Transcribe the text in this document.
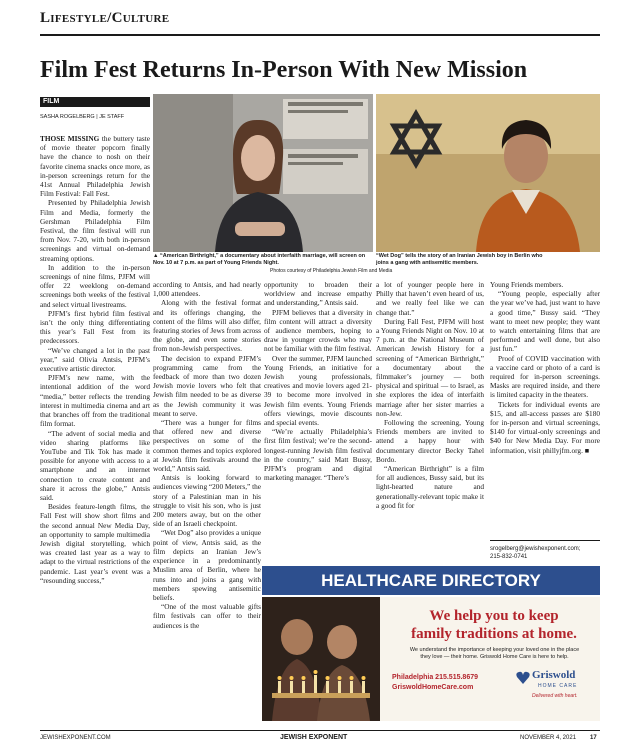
Lifestyle/Culture
Film Fest Returns In-Person With New Mission
FILM
SASHA ROGELBERG | JE STAFF

THOSE MISSING the buttery taste of movie theater popcorn finally have the chance to nosh on their favorite cinema snacks once more, as in-person screenings return for the 41st Annual Philadelphia Jewish Film Festival: Fall Fest.

Presented by Philadelphia Jewish Film and Media, formerly the Gershman Philadelphia Film Festival, the film festival will run from Nov. 7-20, with both in-person screenings and virtual on-demand streaming options.

In addition to the in-person screenings of nine films, PJFM will offer 22 weeklong on-demand screenings both weeks of the festival and select virtual livestreams.

PJFM’s first hybrid film festival isn’t the only thing differentiating this year’s Fall Fest from its predecessors.

“We’ve changed a lot in the past year,” said Olivia Antsis, PJFM’s executive artistic director.

PJFM’s new name, with the intentional addition of the word “media,” better reflects the trending interest in multimedia cinema and art that branches off from the traditional film format.

“The advent of social media and video sharing platforms like YouTube and Tik Tok has made it possible for anyone with access to a smartphone and an internet connection to create content and share it across the globe,” Antsis said.

Besides feature-length films, the Fall Fest will show short films and the second annual New Media Day, an opportunity to sample multimedia Jewish digital storytelling, which was created last year as a way to adapt to the virtual restrictions of the pandemic. Last year’s event was a “resounding success,”

▲ “American Birthright,” a documentary about interfaith marriage, will screen on Nov. 10 at 7 p.m. as part of Young Friends Night.
Photos courtesy of Philadelphia Jewish Film and Media
“Wet Dog” tells the story of an Iranian Jewish boy in Berlin who joins a gang with antisemitic members.

according to Antsis, and had nearly 1,000 attendees.

Along with the festival format and its offerings changing, the content of the films will also differ, featuring stories of Jews from across the globe, and even some stories from non-Jewish perspectives.

The decision to expand PJFM’s programming came from the feedback of more than two dozen Jewish movie lovers who felt that Jewish film needed to be as diverse as the Jewish community it was meant to serve.

“There was a hunger for films that offered new and diverse perspectives on some of the common themes and topics explored at Jewish film festivals around the world,” Antsis said.

Antsis is looking forward to audiences viewing “200 Meters,” the story of a Palestinian man in his struggle to visit his son, who is just 200 meters away, but on the other side of an Israeli checkpoint.

“Wet Dog” also provides a unique point of view, Antsis said, as the film depicts an Iranian Jew’s experience in a predominantly Muslim area of Berlin, where he runs into and joins a gang with members spewing antisemitic beliefs.

“One of the most valuable gifts film festivals can offer to their audiences is the

opportunity to broaden their worldview and increase empathy and understanding,” Antsis said.

PJFM believes that a diversity in film content will attract a diversity of audience members, hoping to draw in younger crowds who may not be familiar with the film festival.

Over the summer, PJFM launched Young Friends, an initiative for Jewish young professionals, creatives and movie lovers aged 21-39 to become more involved in Jewish film events. Young Friends offers viewings, movie discounts and special events.

“We’re actually Philadelphia’s first film festival; we’re the second-longest-running Jewish film festival in the country,” said Matt Bussy, PJFM’s program and digital marketing manager. “There’s

a lot of younger people here in Philly that haven’t even heard of us, and we really feel like we can change that.”

During Fall Fest, PJFM will host a Young Friends Night on Nov. 10 at 7 p.m. at the National Museum of American Jewish History for a screening of “American Birthright,” a documentary about the filmmaker’s journey — both physical and spiritual — to Israel, as she explores the idea of interfaith marriage after her sister marries a non-Jew.

Following the screening, Young Friends members are invited to attend a happy hour with documentary director Becky Tahel Bordo.

“American Birthright” is a film for all audiences, Bussy said, but its light-hearted nature and generationally-relevant topic make it a good fit for

Young Friends members.

“Young people, especially after the year we’ve had, just want to have a good time,” Bussy said. “They want to meet new people; they want to watch entertaining films that are performed and well done, but also just fun.”

Proof of COVID vaccination with a vaccine card or photo of a card is required for in-person screenings. Masks are required inside, and there is limited capacity in the theaters.

Tickets for individual events are $15, and all-access passes are $180 for in-person and virtual screenings, $140 for virtual-only screenings and $40 for New Media Day. For more information, visit phillyjfm.org. ■

srogelberg@jewishexponent.com;
215-832-0741
HEALTHCARE DIRECTORY
We help you to keep
family traditions at home.
We understand the importance of keeping your loved one in the place
they love — their home. Griswold Home Care is here to help.
Philadelphia 215.515.8679
GriswoldHomeCare.com
Griswold
HOME CARE
Delivered with heart.
JEWISHEXPONENT.COM	JEWISH EXPONENT	NOVEMBER 4, 2021 17
